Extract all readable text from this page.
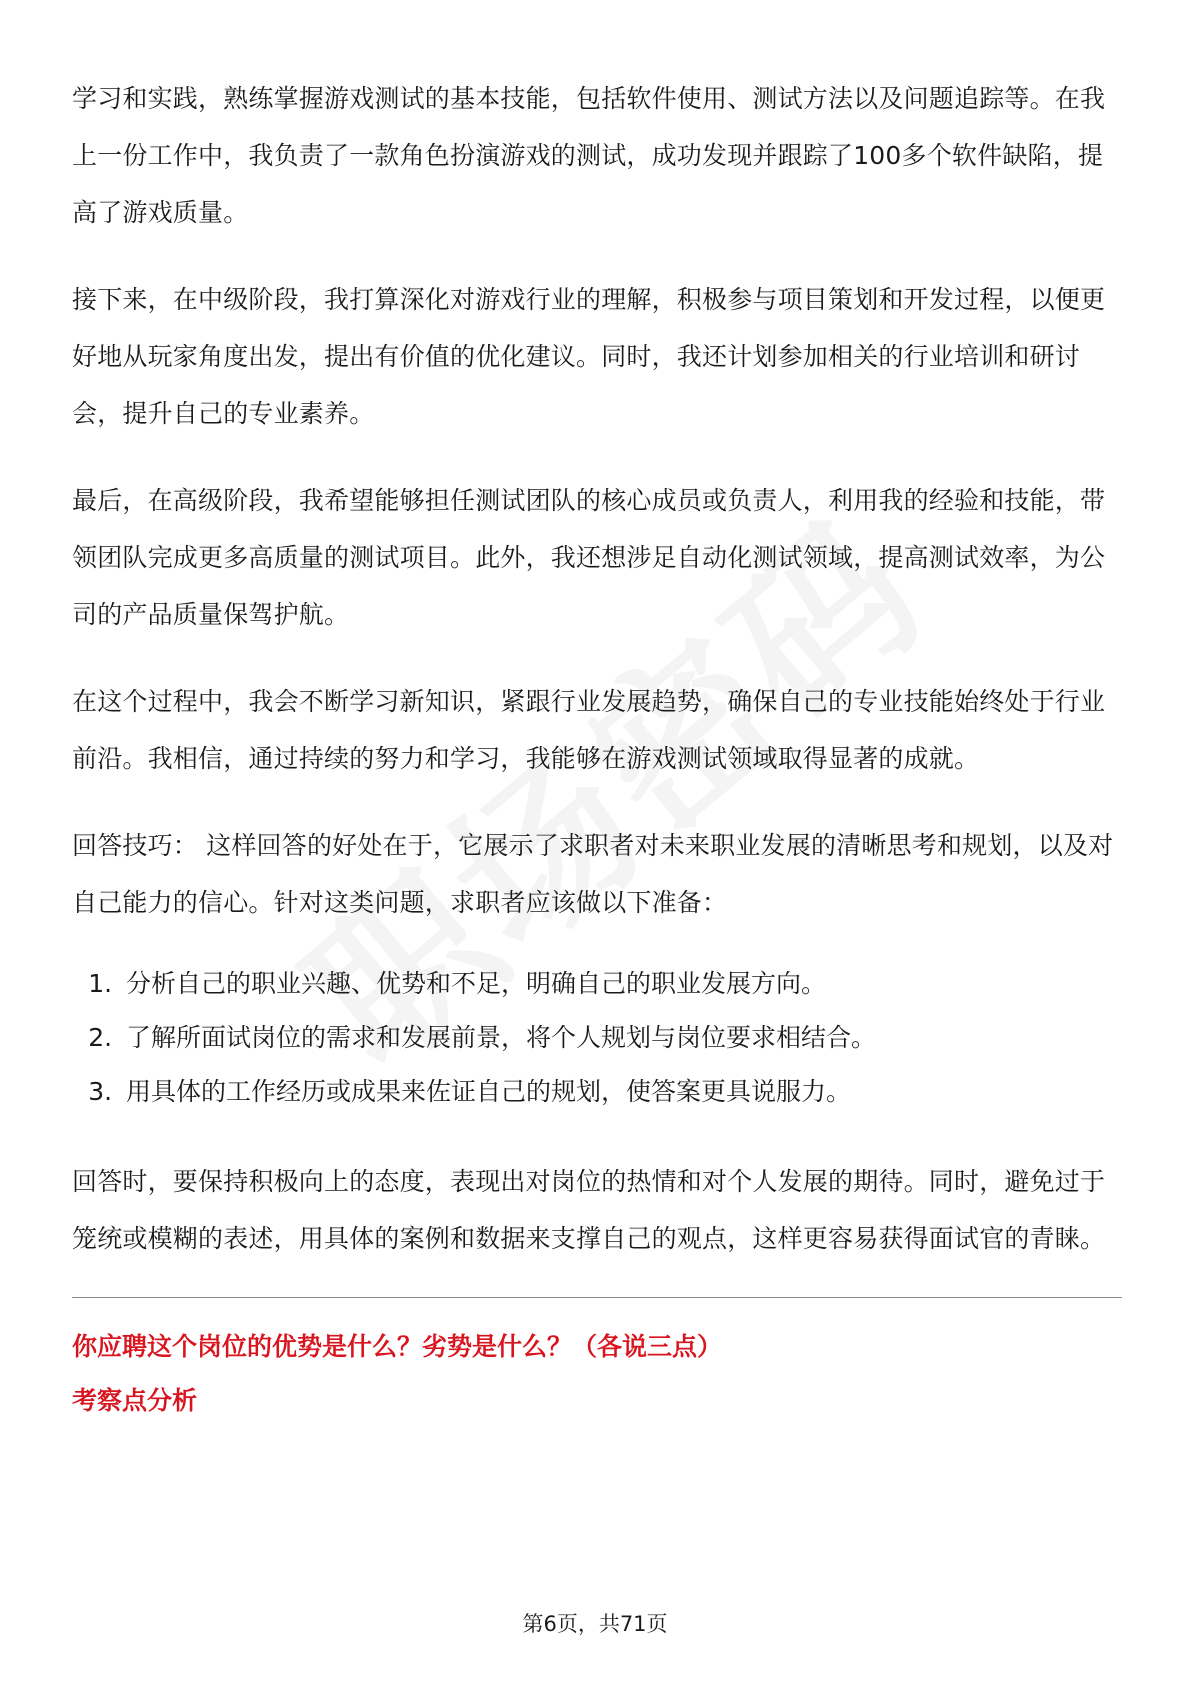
学习和实践，熟练掌握游戏测试的基本技能，包括软件使用、测试方法以及问题追踪等。在我上一份工作中，我负责了一款角色扮演游戏的测试，成功发现并跟踪了100多个软件缺陷，提高了游戏质量。

接下来，在中级阶段，我打算深化对游戏行业的理解，积极参与项目策划和开发过程，以便更好地从玩家角度出发，提出有价值的优化建议。同时，我还计划参加相关的行业培训和研讨会，提升自己的专业素养。

最后，在高级阶段，我希望能够担任测试团队的核心成员或负责人，利用我的经验和技能，带领团队完成更多高质量的测试项目。此外，我还想涉足自动化测试领域，提高测试效率，为公司的产品质量保驾护航。

在这个过程中，我会不断学习新知识，紧跟行业发展趋势，确保自己的专业技能始终处于行业前沿。我相信，通过持续的努力和学习，我能够在游戏测试领域取得显著的成就。

回答技巧： 这样回答的好处在于，它展示了求职者对未来职业发展的清晰思考和规划，以及对自己能力的信心。针对这类问题，求职者应该做以下准备：

1. 分析自己的职业兴趣、优势和不足，明确自己的职业发展方向。
2. 了解所面试岗位的需求和发展前景，将个人规划与岗位要求相结合。
3. 用具体的工作经历或成果来佐证自己的规划，使答案更具说服力。

回答时，要保持积极向上的态度，表现出对岗位的热情和对个人发展的期待。同时，避免过于笼统或模糊的表述，用具体的案例和数据来支撑自己的观点，这样更容易获得面试官的青睐。

你应聘这个岗位的优势是什么？劣势是什么？（各说三点）

考察点分析

第6页，共71页
